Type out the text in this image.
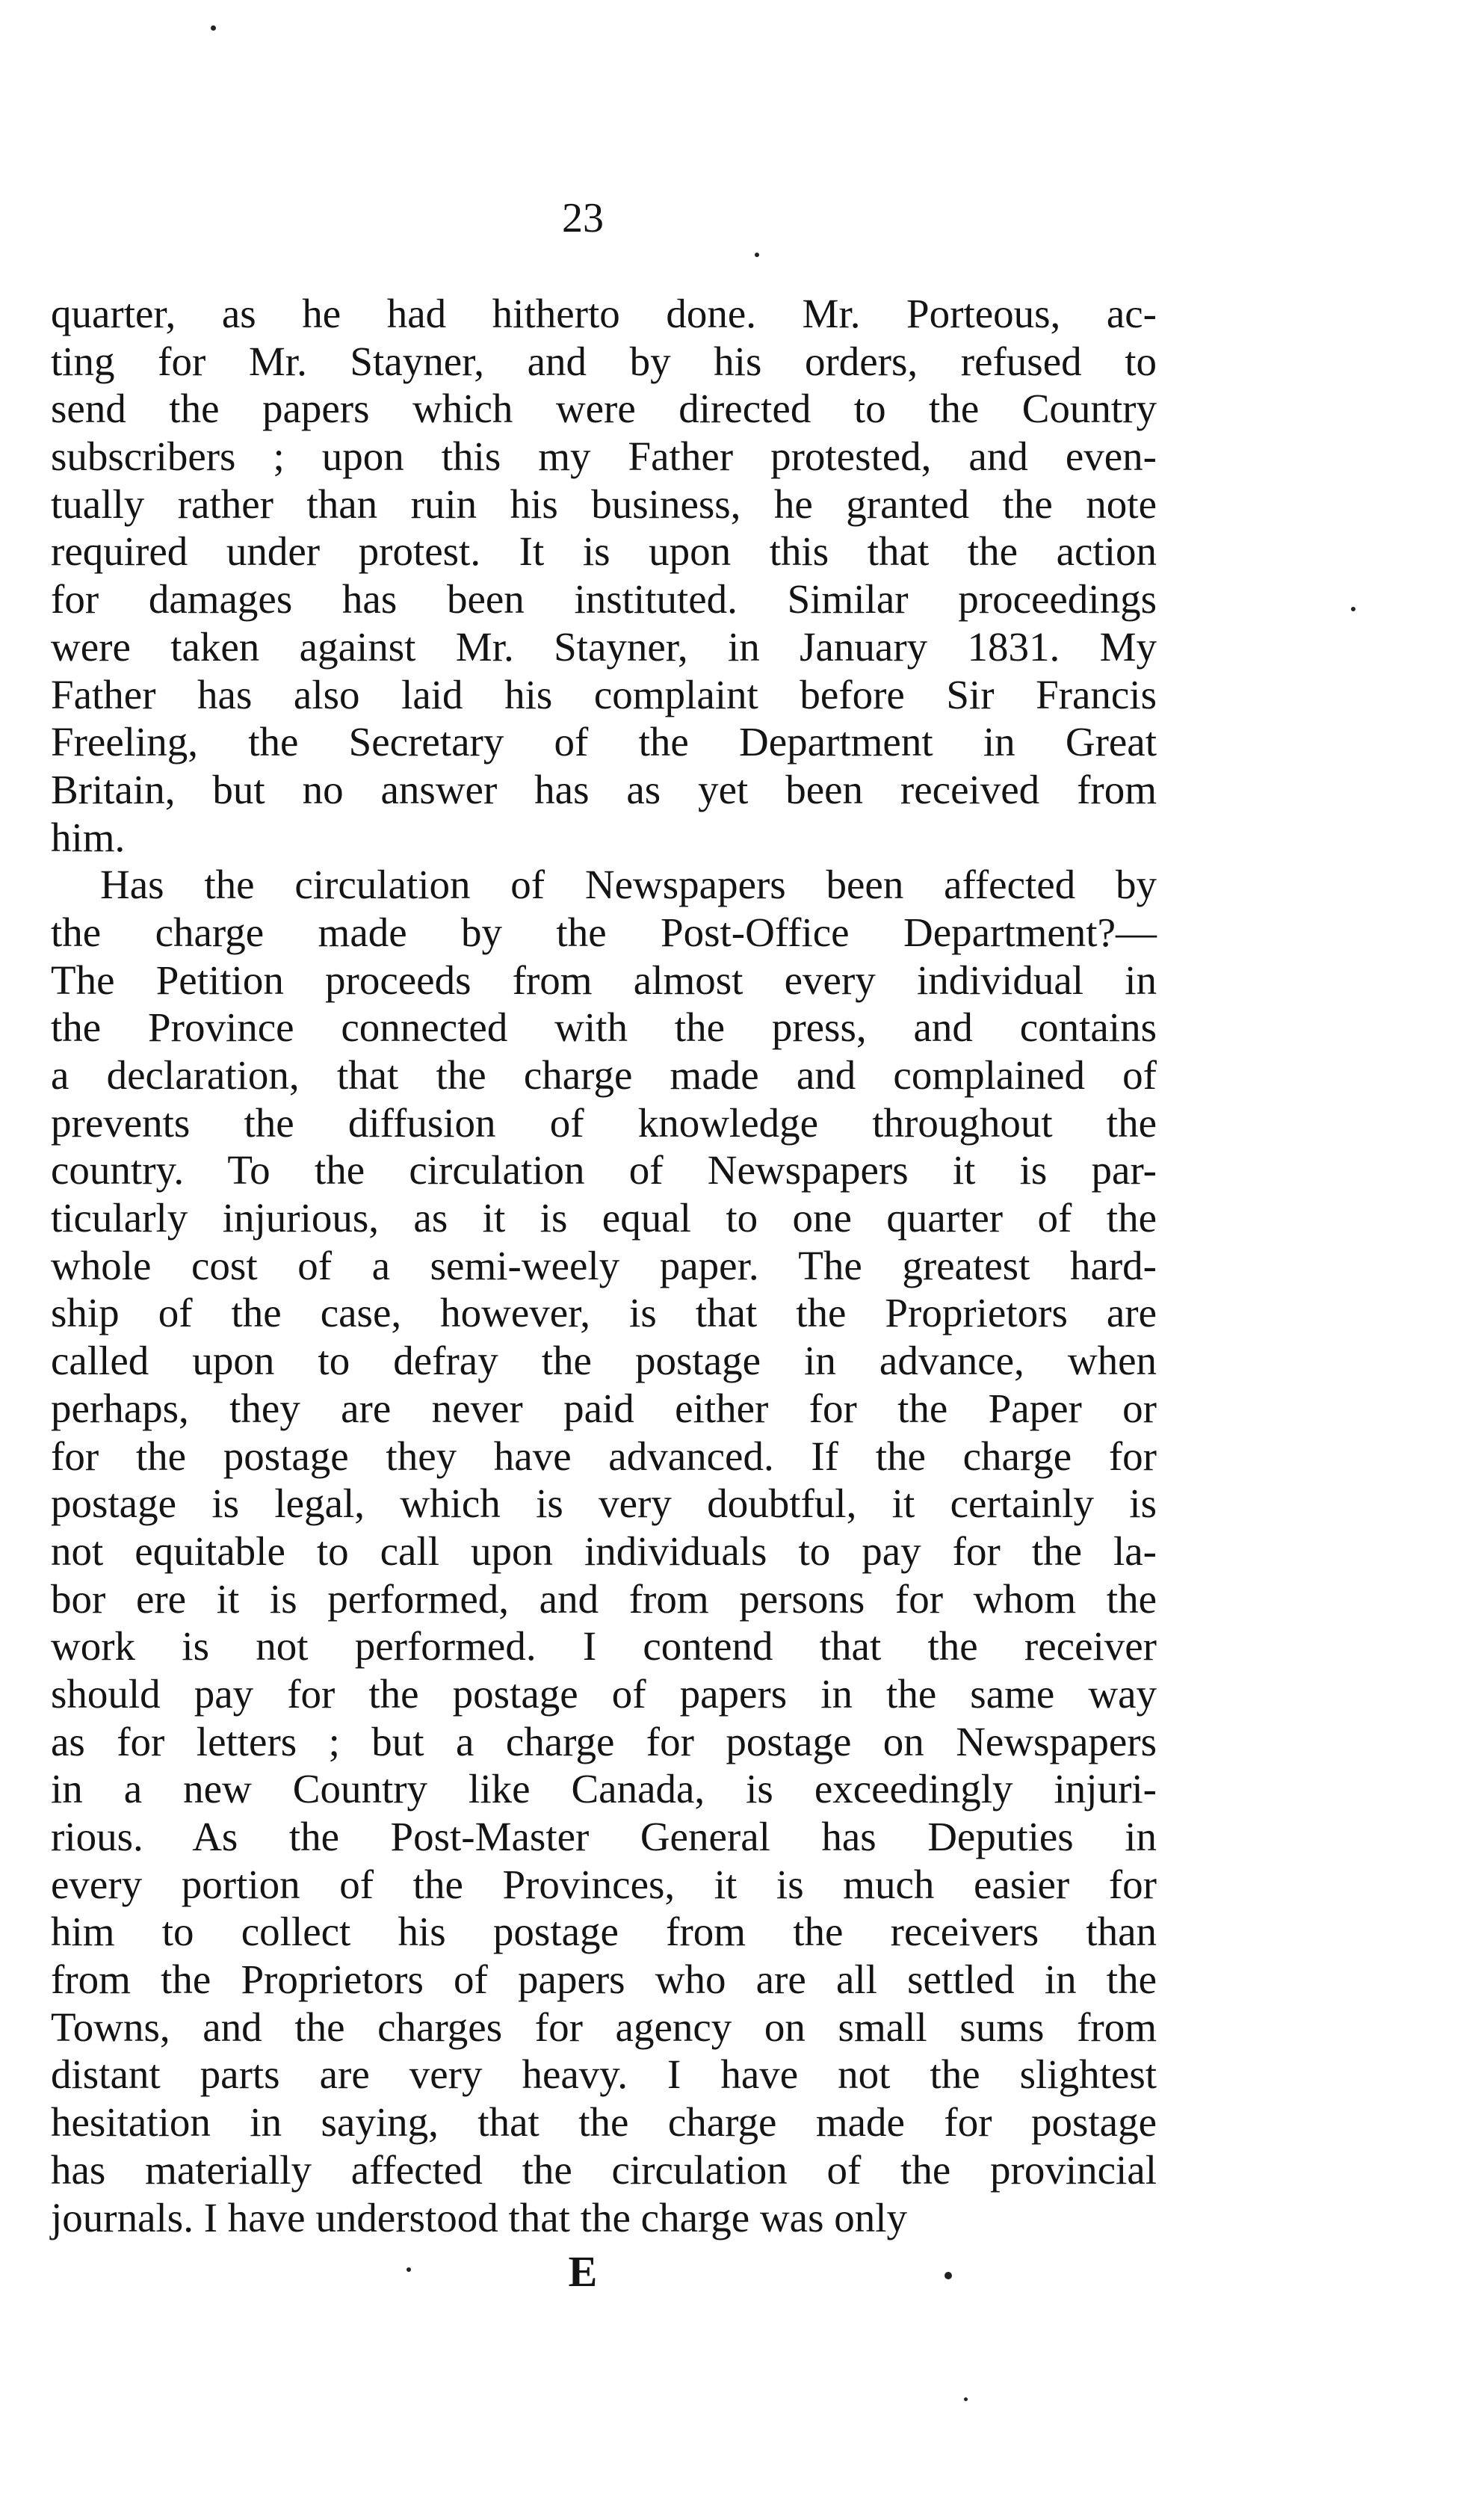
23
quarter, as he had hitherto done. Mr. Porteous, ac-
ting for Mr. Stayner, and by his orders, refused to
send the papers which were directed to the Country
subscribers ; upon this my Father protested, and even-
tually rather than ruin his business, he granted the note
required under protest. It is upon this that the action
for damages has been instituted. Similar proceedings
were taken against Mr. Stayner, in January 1831. My
Father has also laid his complaint before Sir Francis
Freeling, the Secretary of the Department in Great
Britain, but no answer has as yet been received from
him.
Has the circulation of Newspapers been affected by
the charge made by the Post-Office Department?—
The Petition proceeds from almost every individual in
the Province connected with the press, and contains
a declaration, that the charge made and complained of
prevents the diffusion of knowledge throughout the
country. To the circulation of Newspapers it is par-
ticularly injurious, as it is equal to one quarter of the
whole cost of a semi-weely paper. The greatest hard-
ship of the case, however, is that the Proprietors are
called upon to defray the postage in advance, when
perhaps, they are never paid either for the Paper or
for the postage they have advanced. If the charge for
postage is legal, which is very doubtful, it certainly is
not equitable to call upon individuals to pay for the la-
bor ere it is performed, and from persons for whom the
work is not performed. I contend that the receiver
should pay for the postage of papers in the same way
as for letters ; but a charge for postage on Newspapers
in a new Country like Canada, is exceedingly injuri-
rious. As the Post-Master General has Deputies in
every portion of the Provinces, it is much easier for
him to collect his postage from the receivers than
from the Proprietors of papers who are all settled in the
Towns, and the charges for agency on small sums from
distant parts are very heavy. I have not the slightest
hesitation in saying, that the charge made for postage
has materially affected the circulation of the provincial
journals. I have understood that the charge was only
E
